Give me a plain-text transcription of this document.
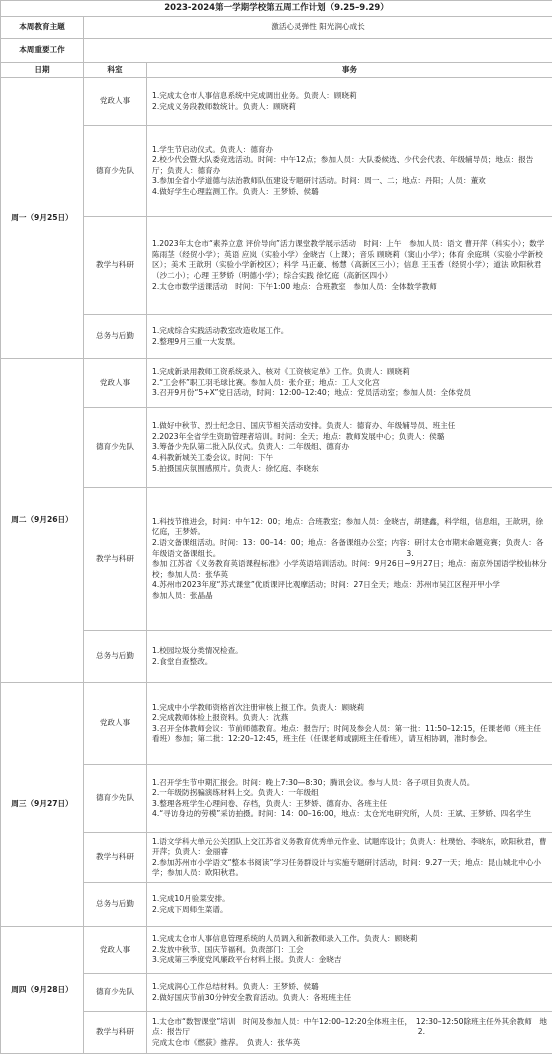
2023-2024第一学期学校第五周工作计划（9.25–9.29）		
本周教育主题	激活心灵弹性 阳光润心成长	
本周重要工作		
日期	科室	事务
周一（9月25日）	党政人事	1.完成太仓市人事信息系统中完成调出业务。负责人：顾晓莉
2.完成义务段教师数统计。负责人：顾晓莉

	德育少先队	1.学生节启动仪式。负责人：德育办
2.校少代会暨大队委竞选活动。时间：中午12点；参加人员：大队委候选、少代会代表、年级辅导员；地点：报告厅；负责人：德育办
3.参加全省小学道德与法治教师队伍建设专题研讨活动。时间：周一、二；地点：丹阳；人员：董欢
4.做好学生心理监测工作。负责人：王梦娇、侯璐

	教学与科研	1.2023年太仓市“素养立意 评价导向”活力课堂教学展示活动　时间：上午　参加人员：语文 曹开萍（科实小）；数学 陈雨茎（经贸小学）；英语 应岚（实验小学）金晓吉（上课）；音乐 顾晓莉（窦山小学）；体育 余庭琪（实验小学新校区）；美术 王歆玥（实验小学新校区）；科学 马正豪、杨慧（高新区三小）；信息 王玉香（经贸小学）；道法 欧阳秋君（沙二小）；心理 王梦娇（明德小学）；综合实践 徐忆庭（高新区四小）
2.太仓市数学送课活动　时间：下午1:00 地点：合班教室　参加人员：全体数学教师

	总务与后勤	1.完成综合实践活动教室改造收尾工作。
2.整理9月三重一大发票。

周二（9月26日）	党政人事	1.完成新录用教师工资系统录入、核对《工资核定单》工作。负责人：顾晓莉
2.“工会杯”职工羽毛球比赛。参加人员：张介亚；地点：工人文化宫
3.召开9月份“5+X”党日活动，时间：12:00–12:40；地点：党员活动室；参加人员：全体党员

	德育少先队	1.做好中秋节、烈士纪念日、国庆节相关活动安排。负责人：德育办、年级辅导员、班主任
2.2023年全省学生资助管理者培训。时间：全天；地点：教师发展中心；负责人：侯璐
3.筹备少先队第二批入队仪式。负责人：二年级组、德育办
4.科教新城关工委会议。时间：下午
5.拍摄国庆氛围感照片。负责人：徐忆庭、李晓东

	教学与科研	1.科技节推进会，时间：中午12：00；地点：合班教室；参加人员：金晓吉，胡建鑫，科学组，信息组，王歆玥，徐忆庭，王梦娇。
2.语文备课组活动。时间：13：00–14：00；地点：各备课组办公室；内容：研讨太仓市期末命题竞赛；负责人：各年级语文备课组长。　　　　　　　　　　　　　　　　　　　　　　　　　3.
参加 江苏省《义务教育英语课程标准》小学英语培训活动。时间：9月26日~9月27日；地点：南京外国语学校仙林分校；参加人员：张华英
4.苏州市2023年度“苏式课堂”优质课评比观摩活动；时间：27日全天；地点：苏州市吴江区程开甲小学
参加人员：张晶晶

	总务与后勤	1.校园垃圾分类情况检查。
2.食堂自查整改。

周三（9月27日）	党政人事	1.完成中小学教师资格首次注册审核上报工作。负责人：顾晓莉
2.完成教师体检上报资料。负责人：沈燕
3.召开全体教师会议：节前师德教育。地点：报告厅；时间及参会人员：第一批：11:50–12:15，任课老师（班主任看班）参加；第二批：12:20–12:45，班主任（任课老师或副班主任看班），请互相协调，准时参会。

	德育少先队	1.召开学生节中期汇报会。时间：晚上7:30—8:30；腾讯会议。参与人员：各子项目负责人员。
2.一年级防拐骗演练材料上交。负责人：一年级组
3.整理各班学生心理问卷、存档，负责人：王梦娇、德育办、各班主任
4.“寻访身边的劳模”采访拍摄。时间：14：00–16:00，地点：太仓光电研究所，人员：王斌、王梦娇、四名学生

	教学与科研	1.语文学科大单元公关团队上交江苏省义务教育优秀单元作业、试题库设计；负责人：杜璞怡、李晓东，欧阳秋君，曹开萍；负责人：金丽睿
2.参加苏州市小学语文“整本书阅读”学习任务群设计与实施专题研讨活动，时间：9.27一天；地点：昆山城北中心小学；参加人员：欧阳秋君。

	总务与后勤	1.完成10月验菜安排。
2.完成下周师生菜谱。

周四（9月28日）	党政人事	1.完成太仓市人事信息管理系统的人员调入和新教师录入工作。负责人：顾晓莉
2.发放中秋节、国庆节福利。负责部门：工会
3.完成第三季度党风廉政平台材料上报。负责人：金晓吉

	德育少先队	1.完成润心工作总结材料。负责人：王梦娇、侯璐
2.做好国庆节前30分钟安全教育活动。负责人：各班班主任

	教学与科研	1.太仓市“数智课堂”培训　时间及参加人员：中午12:00–12:20全体班主任，　12:30–12:50除班主任外其余教师　地点：报告厅　　　　　　　　　　　　　　　　　　　　　　　　　　　　　　2.
完成太仓市《燃荻》推荐。　负责人：张华英
